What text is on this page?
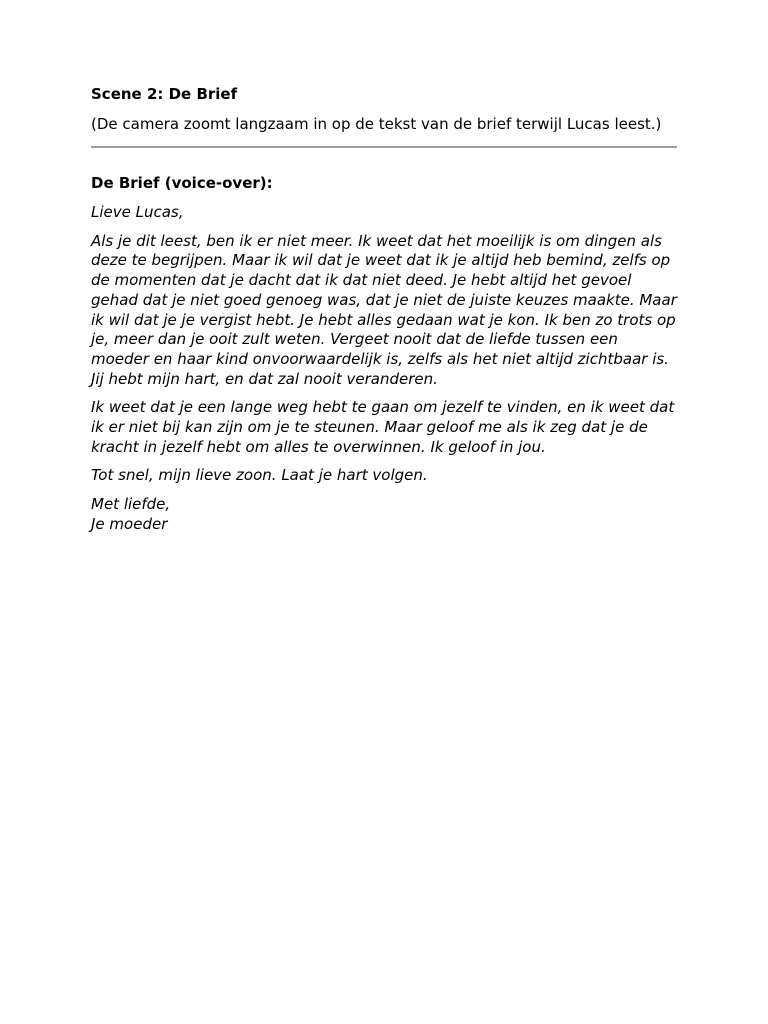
Scene 2: De Brief
(De camera zoomt langzaam in op de tekst van de brief terwijl Lucas leest.)
De Brief (voice-over):

Lieve Lucas,

Als je dit leest, ben ik er niet meer. Ik weet dat het moeilijk is om dingen als deze te begrijpen. Maar ik wil dat je weet dat ik je altijd heb bemind, zelfs op de momenten dat je dacht dat ik dat niet deed. Je hebt altijd het gevoel gehad dat je niet goed genoeg was, dat je niet de juiste keuzes maakte. Maar ik wil dat je je vergist hebt. Je hebt alles gedaan wat je kon. Ik ben zo trots op je, meer dan je ooit zult weten. Vergeet nooit dat de liefde tussen een moeder en haar kind onvoorwaardelijk is, zelfs als het niet altijd zichtbaar is. Jij hebt mijn hart, en dat zal nooit veranderen.

Ik weet dat je een lange weg hebt te gaan om jezelf te vinden, en ik weet dat ik er niet bij kan zijn om je te steunen. Maar geloof me als ik zeg dat je de kracht in jezelf hebt om alles te overwinnen. Ik geloof in jou.

Tot snel, mijn lieve zoon. Laat je hart volgen.

Met liefde,
Je moeder
